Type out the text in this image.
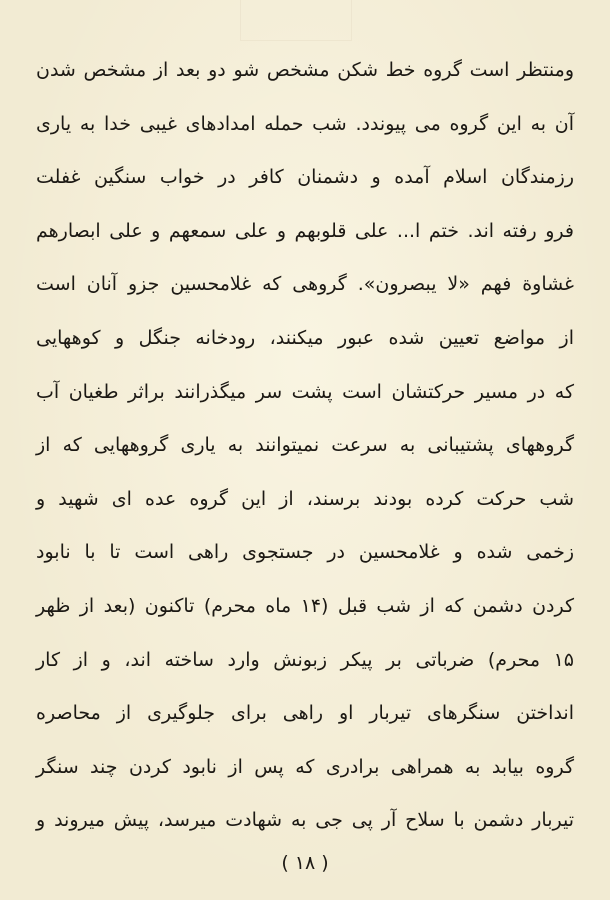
ومنتظر است گروه خط شکن مشخص شو دو بعد از مشخص شدن
آن به این گروه می پیوندد. شب حمله امدادهای غیبی خدا به یاری
رزمندگان اسلام آمده و دشمنان کافر در خواب سنگین غفلت
فرو رفته اند. ختم ا... علی قلوبهم و علی سمعهم و علی ابصارهم
غشاوة فهم «لا یبصرون». گروهی که غلامحسین جزو آنان است
از مواضع تعیین شده عبور میکنند، رودخانه جنگل و کوههایی
که در مسیر حرکتشان است پشت سر میگذرانند براثر طغیان آب
گروههای پشتیبانی به سرعت نمیتوانند به یاری گروههایی که از
شب حرکت کرده بودند برسند، از این گروه عده ای شهید و
زخمی شده و غلامحسین در جستجوی راهی است تا با نابود
کردن دشمن که از شب قبل (۱۴ ماه محرم) تاکنون (بعد از ظهر
۱۵ محرم) ضرباتی بر پیکر زبونش وارد ساخته اند، و از کار
انداختن سنگرهای تیربار او راهی برای جلوگیری از محاصره
گروه بیابد به همراهی برادری که پس از نابود کردن چند سنگر
تیربار دشمن با سلاح آر پی جی به شهادت میرسد، پیش میروند و
( ۱۸ )
